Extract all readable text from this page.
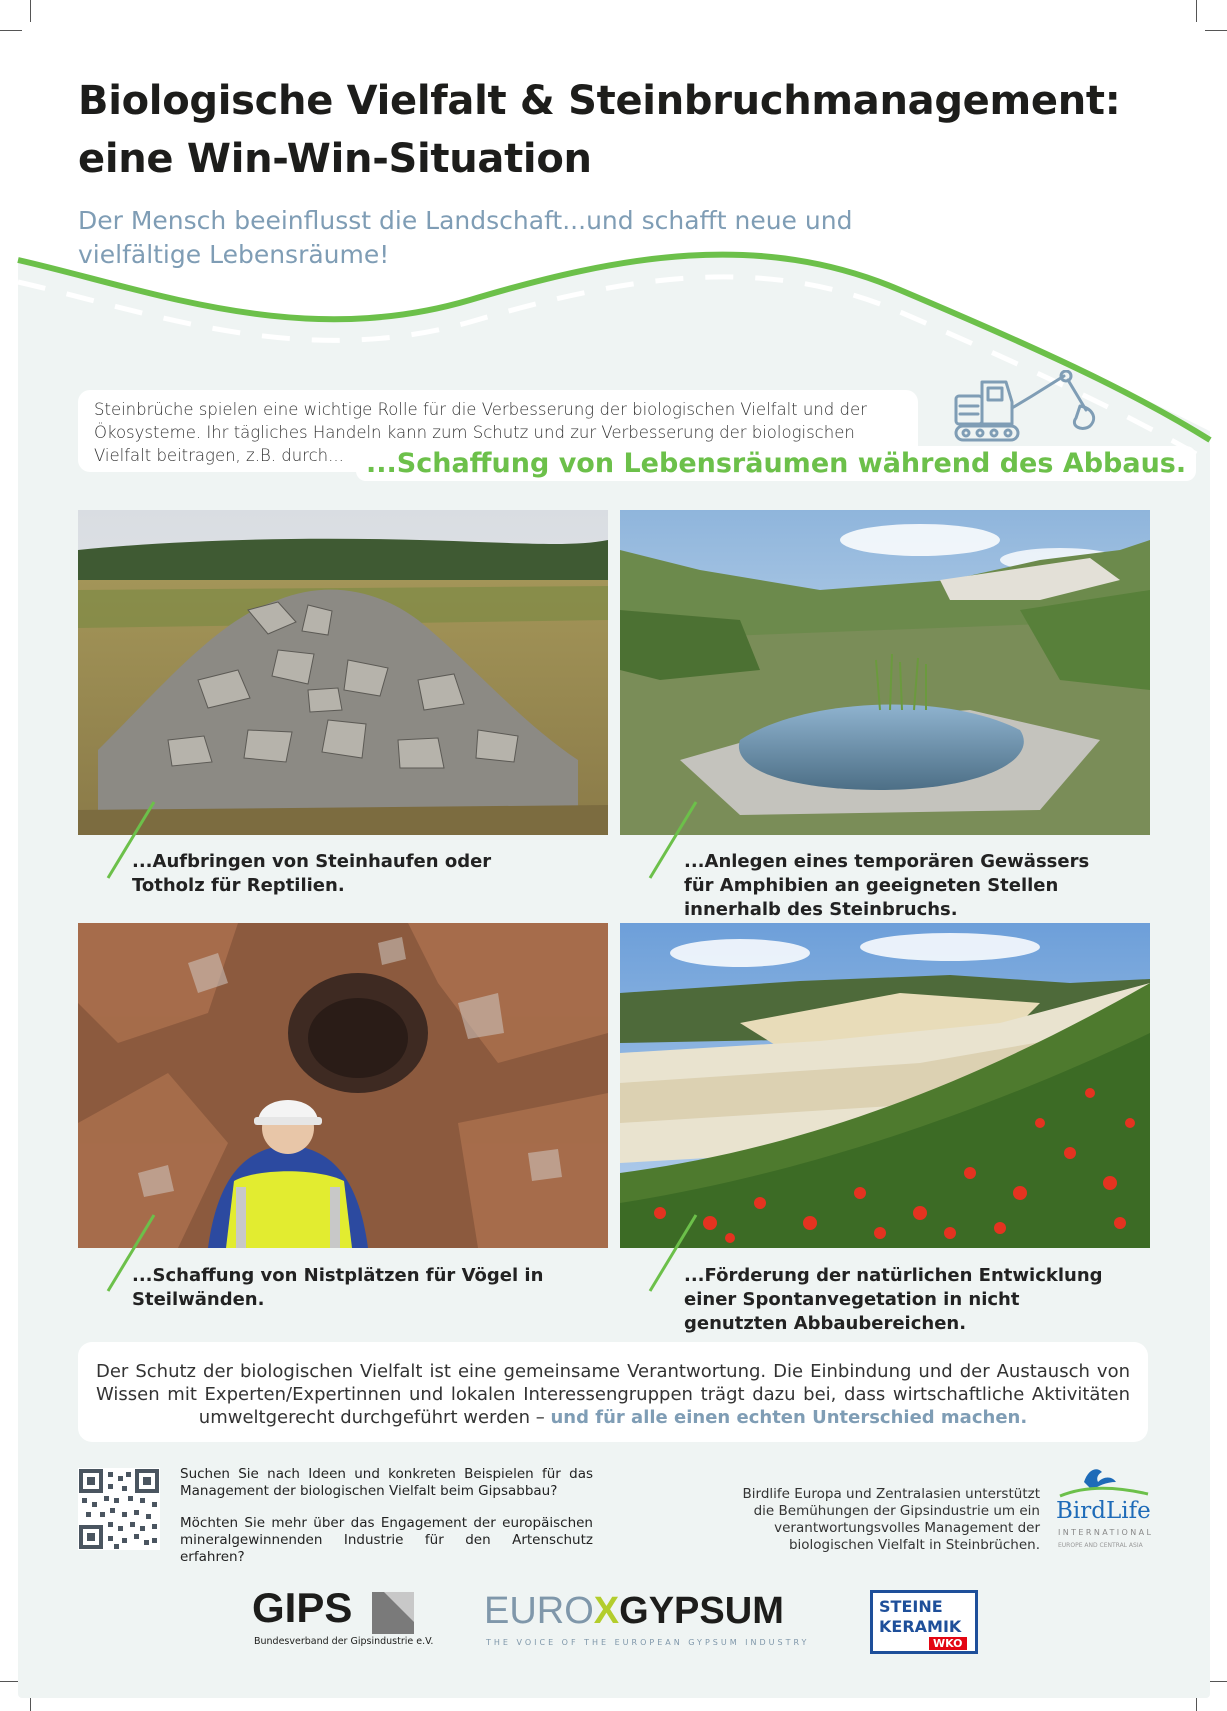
Biologische Vielfalt & Steinbruchmanagement:
eine Win-Win-Situation
Der Mensch beeinflusst die Landschaft...und schafft neue und vielfältige Lebensräume!
Steinbrüche spielen eine wichtige Rolle für die Verbesserung der biologischen Vielfalt und der Ökosysteme. Ihr tägliches Handeln kann zum Schutz und zur Verbesserung der biologischen Vielfalt beitragen, z.B. durch... ...Schaffung von Lebensräumen während des Abbaus.
...Aufbringen von Steinhaufen oder Totholz für Reptilien.
...Anlegen eines temporären Gewässers für Amphibien an geeigneten Stellen innerhalb des Steinbruchs.
...Schaffung von Nistplätzen für Vögel in Steilwänden.
...Förderung der natürlichen Entwicklung einer Spontanvegetation in nicht genutzten Abbaubereichen.
Der Schutz der biologischen Vielfalt ist eine gemeinsame Verantwortung. Die Einbindung und der Austausch von Wissen mit Experten/Expertinnen und lokalen Interessengruppen trägt dazu bei, dass wirtschaftliche Aktivitäten umweltgerecht durchgeführt werden – und für alle einen echten Unterschied machen.

Suchen Sie nach Ideen und konkreten Beispielen für das Management der biologischen Vielfalt beim Gipsabbau?

Möchten Sie mehr über das Engagement der europäischen mineralgewinnenden Industrie für den Artenschutz erfahren?

Birdlife Europa und Zentralasien unterstützt die Bemühungen der Gipsindustrie um ein verantwortungsvolles Management der biologischen Vielfalt in Steinbrüchen.
BirdLife
INTERNATIONAL
EUROPE AND CENTRAL ASIA
GIPS
Bundesverband der Gipsindustrie e.V.
EUROXGYPSUM
THE VOICE OF THE EUROPEAN GYPSUM INDUSTRY
STEINE
KERAMIK
WKO
